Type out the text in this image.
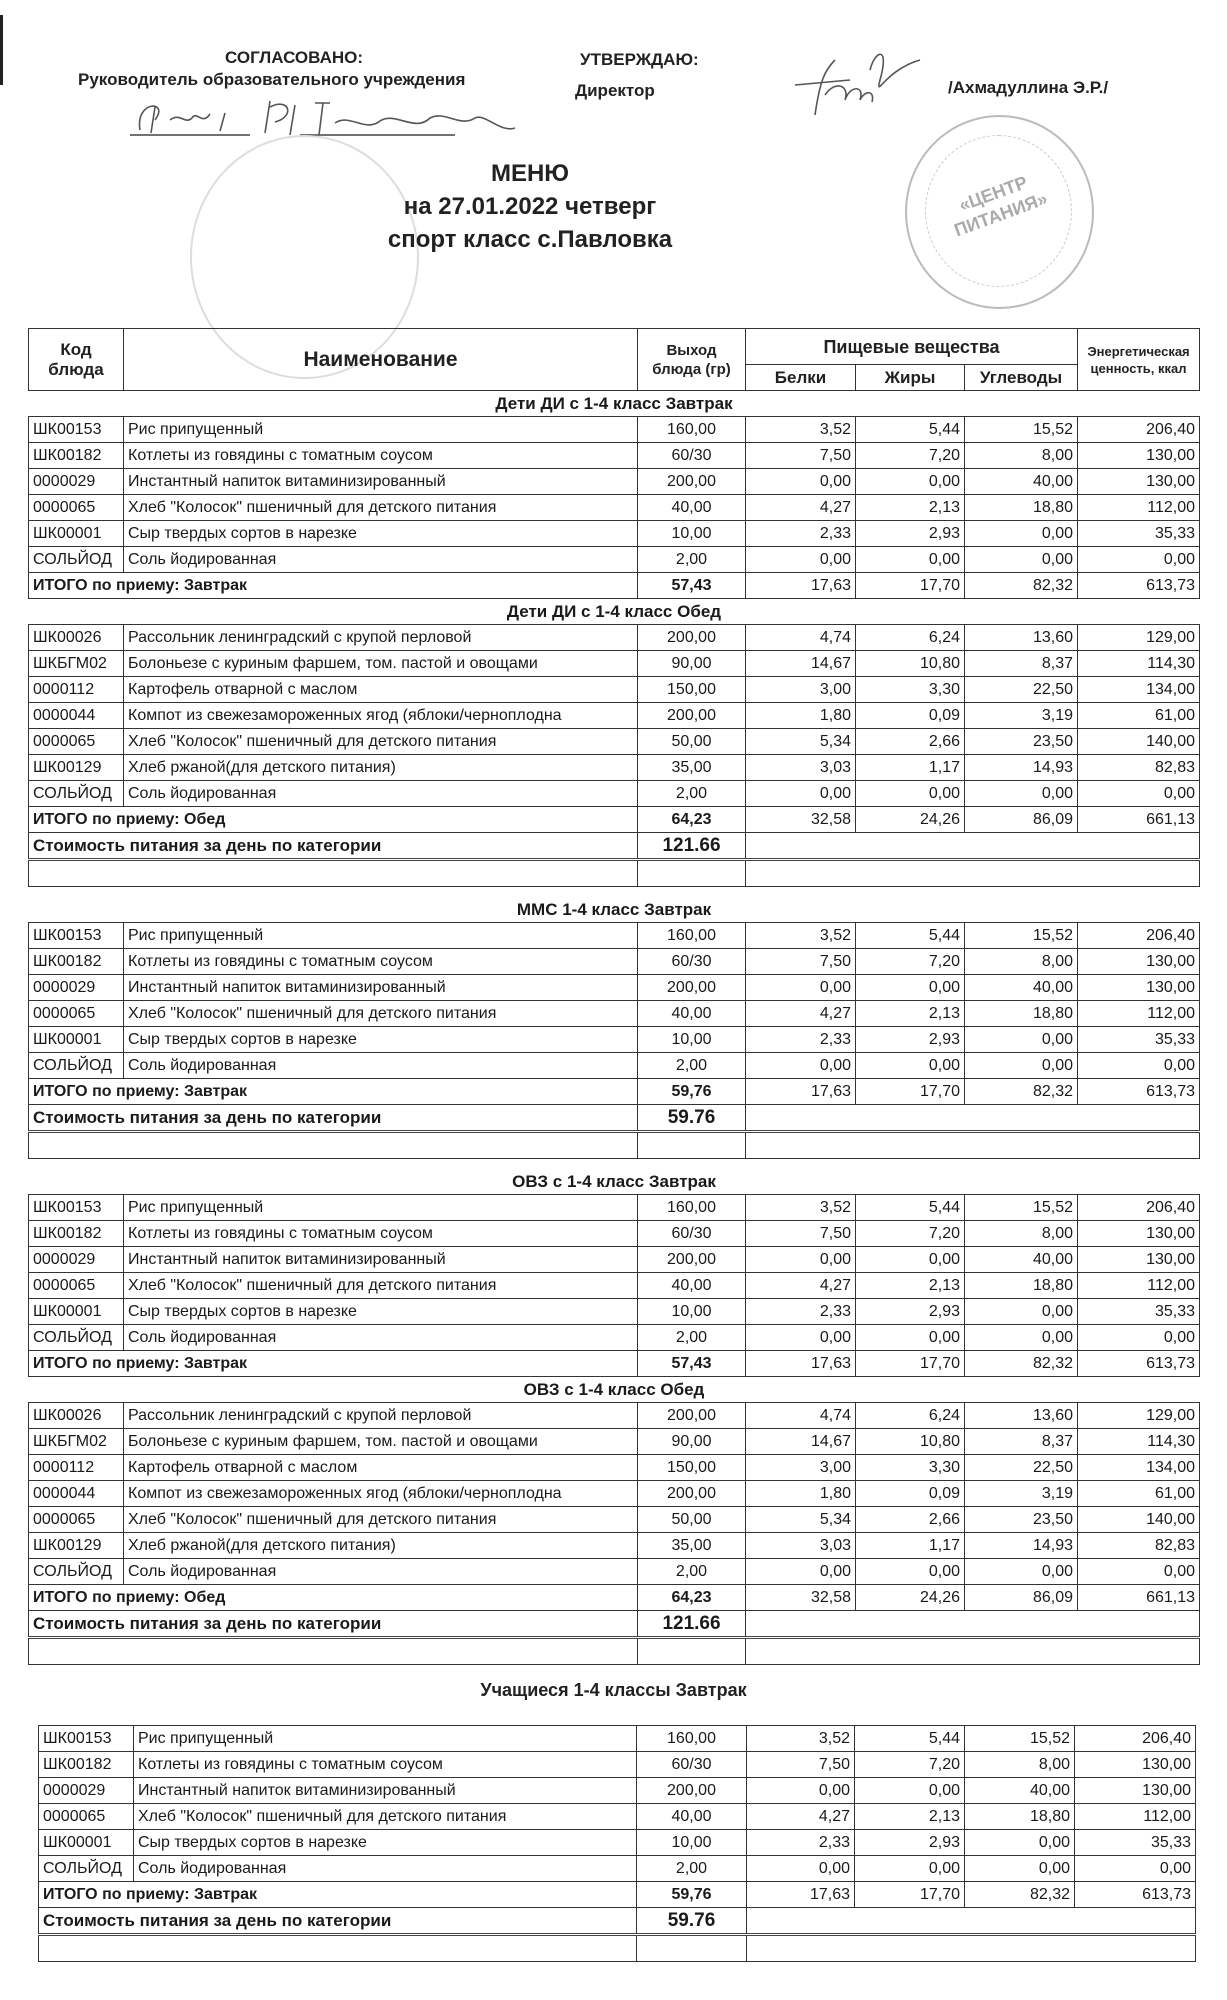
СОГЛАСОВАНО:
Руководитель образовательного учреждения
УТВЕРЖДАЮ:
Директор	/Ахмадуллина Э.Р./
«ЦЕНТР ПИТАНИЯ»
МЕНЮ
на 27.01.2022 четверг
спорт класс с.Павловка
Код блюда	Наименование	Выход блюда (гр)	Пищевые вещества			Энергетическая ценность, ккал
			Белки	Жиры	Углеводы	
Дети ДИ с 1-4 класс Завтрак						
ШК00153	Рис припущенный	160,00	3,52	5,44	15,52	206,40
ШК00182	Котлеты из говядины с томатным соусом	60/30	7,50	7,20	8,00	130,00
0000029	Инстантный напиток витаминизированный	200,00	0,00	0,00	40,00	130,00
0000065	Хлеб "Колосок" пшеничный для детского питания	40,00	4,27	2,13	18,80	112,00
ШК00001	Сыр твердых сортов в нарезке	10,00	2,33	2,93	0,00	35,33
СОЛЬЙОД	Соль йодированная	2,00	0,00	0,00	0,00	0,00
ИТОГО по приему: Завтрак		57,43	17,63	17,70	82,32	613,73
Дети ДИ с 1-4 класс Обед						
ШК00026	Рассольник ленинградский с крупой перловой	200,00	4,74	6,24	13,60	129,00
ШКБГМ02	Болоньезе с куриным фаршем, том. пастой и овощами	90,00	14,67	10,80	8,37	114,30
0000112	Картофель отварной с маслом	150,00	3,00	3,30	22,50	134,00
0000044	Компот из свежезамороженных ягод (яблоки/черноплодна	200,00	1,80	0,09	3,19	61,00
0000065	Хлеб "Колосок" пшеничный для детского питания	50,00	5,34	2,66	23,50	140,00
ШК00129	Хлеб ржаной(для детского питания)	35,00	3,03	1,17	14,93	82,83
СОЛЬЙОД	Соль йодированная	2,00	0,00	0,00	0,00	0,00
ИТОГО по приему: Обед		64,23	32,58	24,26	86,09	661,13
Стоимость питания за день по категории		121.66				

ММС 1-4 класс Завтрак						
ШК00153	Рис припущенный	160,00	3,52	5,44	15,52	206,40
ШК00182	Котлеты из говядины с томатным соусом	60/30	7,50	7,20	8,00	130,00
0000029	Инстантный напиток витаминизированный	200,00	0,00	0,00	40,00	130,00
0000065	Хлеб "Колосок" пшеничный для детского питания	40,00	4,27	2,13	18,80	112,00
ШК00001	Сыр твердых сортов в нарезке	10,00	2,33	2,93	0,00	35,33
СОЛЬЙОД	Соль йодированная	2,00	0,00	0,00	0,00	0,00
ИТОГО по приему: Завтрак		59,76	17,63	17,70	82,32	613,73
Стоимость питания за день по категории		59.76				

ОВЗ с 1-4 класс Завтрак						
ШК00153	Рис припущенный	160,00	3,52	5,44	15,52	206,40
ШК00182	Котлеты из говядины с томатным соусом	60/30	7,50	7,20	8,00	130,00
0000029	Инстантный напиток витаминизированный	200,00	0,00	0,00	40,00	130,00
0000065	Хлеб "Колосок" пшеничный для детского питания	40,00	4,27	2,13	18,80	112,00
ШК00001	Сыр твердых сортов в нарезке	10,00	2,33	2,93	0,00	35,33
СОЛЬЙОД	Соль йодированная	2,00	0,00	0,00	0,00	0,00
ИТОГО по приему: Завтрак		57,43	17,63	17,70	82,32	613,73
ОВЗ с 1-4 класс Обед						
ШК00026	Рассольник ленинградский с крупой перловой	200,00	4,74	6,24	13,60	129,00
ШКБГМ02	Болоньезе с куриным фаршем, том. пастой и овощами	90,00	14,67	10,80	8,37	114,30
0000112	Картофель отварной с маслом	150,00	3,00	3,30	22,50	134,00
0000044	Компот из свежезамороженных ягод (яблоки/черноплодна	200,00	1,80	0,09	3,19	61,00
0000065	Хлеб "Колосок" пшеничный для детского питания	50,00	5,34	2,66	23,50	140,00
ШК00129	Хлеб ржаной(для детского питания)	35,00	3,03	1,17	14,93	82,83
СОЛЬЙОД	Соль йодированная	2,00	0,00	0,00	0,00	0,00
ИТОГО по приему: Обед		64,23	32,58	24,26	86,09	661,13
Стоимость питания за день по категории		121.66				

Учащиеся 1-4 классы Завтрак
ШК00153	Рис припущенный	160,00	3,52	5,44	15,52	206,40
ШК00182	Котлеты из говядины с томатным соусом	60/30	7,50	7,20	8,00	130,00
0000029	Инстантный напиток витаминизированный	200,00	0,00	0,00	40,00	130,00
0000065	Хлеб "Колосок" пшеничный для детского питания	40,00	4,27	2,13	18,80	112,00
ШК00001	Сыр твердых сортов в нарезке	10,00	2,33	2,93	0,00	35,33
СОЛЬЙОД	Соль йодированная	2,00	0,00	0,00	0,00	0,00
ИТОГО по приему: Завтрак		59,76	17,63	17,70	82,32	613,73
Стоимость питания за день по категории		59.76				
